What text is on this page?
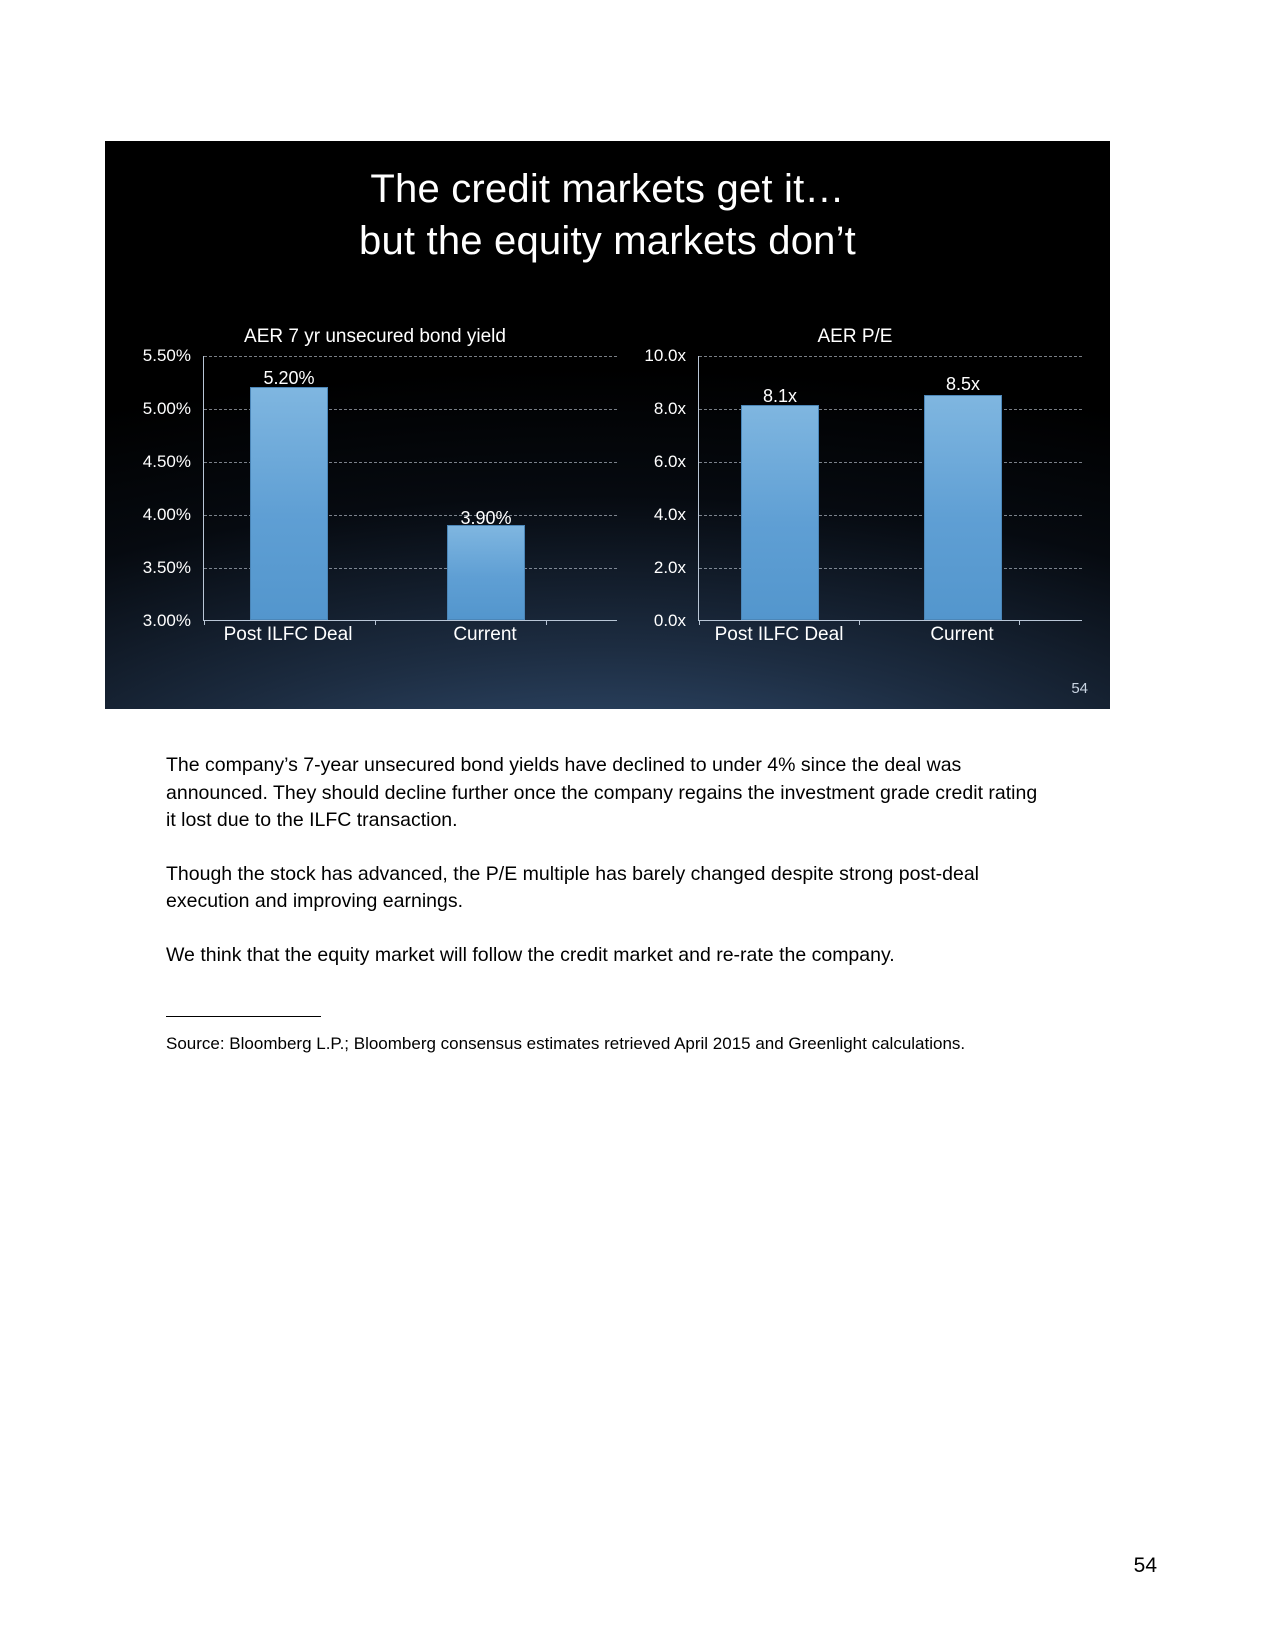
The credit markets get it…
but the equity markets don’t
AER 7 yr unsecured bond yield
5.50%
5.00%
4.50%
4.00%
3.50%
3.00%
5.20%
3.90%
Post ILFC Deal	Current
AER P/E
10.0x
8.0x
6.0x
4.0x
2.0x
0.0x
8.1x
8.5x
Post ILFC Deal	Current
54

The company’s 7-year unsecured bond yields have declined to under 4% since the deal was announced. They should decline further once the company regains the investment grade credit rating it lost due to the ILFC transaction.

Though the stock has advanced, the P/E multiple has barely changed despite strong post-deal execution and improving earnings.

We think that the equity market will follow the credit market and re-rate the company.

Source: Bloomberg L.P.; Bloomberg consensus estimates retrieved April 2015 and Greenlight calculations.
54
